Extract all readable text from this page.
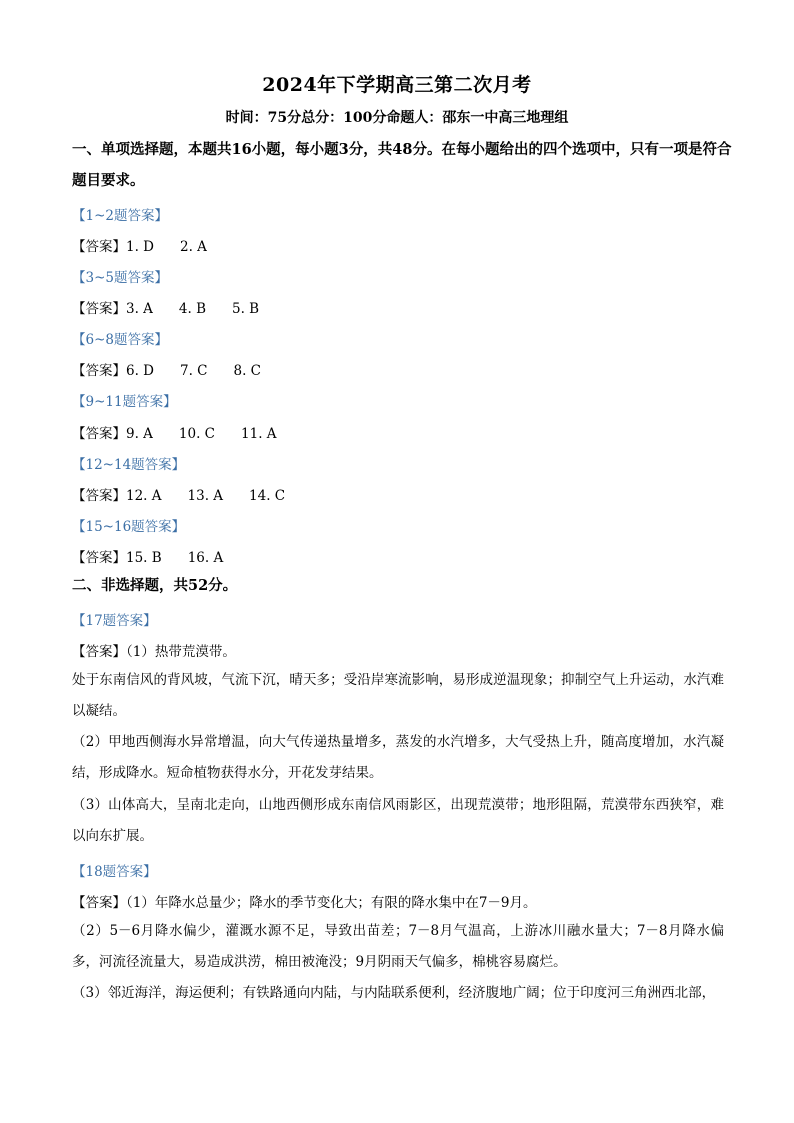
2024年下学期高三第二次月考
时间：75分总分：100分命题人：邵东一中高三地理组
一、单项选择题，本题共16小题，每小题3分，共48分。在每小题给出的四个选项中，只有一项是符合题目要求。
【1~2题答案】
【答案】1. D 2. A
【3~5题答案】
【答案】3. A 4. B 5. B
【6~8题答案】
【答案】6. D 7. C 8. C
【9~11题答案】
【答案】9. A 10. C 11. A
【12~14题答案】
【答案】12. A 13. A 14. C
【15~16题答案】
【答案】15. B 16. A
二、非选择题，共52分。
【17题答案】
【答案】（1）热带荒漠带。
处于东南信风的背风坡，气流下沉，晴天多；受沿岸寒流影响，易形成逆温现象；抑制空气上升运动，水汽难以凝结。
（2）甲地西侧海水异常增温，向大气传递热量增多，蒸发的水汽增多，大气受热上升，随高度增加，水汽凝结，形成降水。短命植物获得水分，开花发芽结果。
（3）山体高大，呈南北走向，山地西侧形成东南信风雨影区，出现荒漠带；地形阻隔，荒漠带东西狭窄，难以向东扩展。
【18题答案】
【答案】（1）年降水总量少；降水的季节变化大；有限的降水集中在7－9月。
（2）5－6月降水偏少，灌溉水源不足，导致出苗差；7－8月气温高，上游冰川融水量大；7－8月降水偏多，河流径流量大，易造成洪涝，棉田被淹没；9月阴雨天气偏多，棉桃容易腐烂。
（3）邻近海洋，海运便利；有铁路通向内陆，与内陆联系便利，经济腹地广阔；位于印度河三角洲西北部，
